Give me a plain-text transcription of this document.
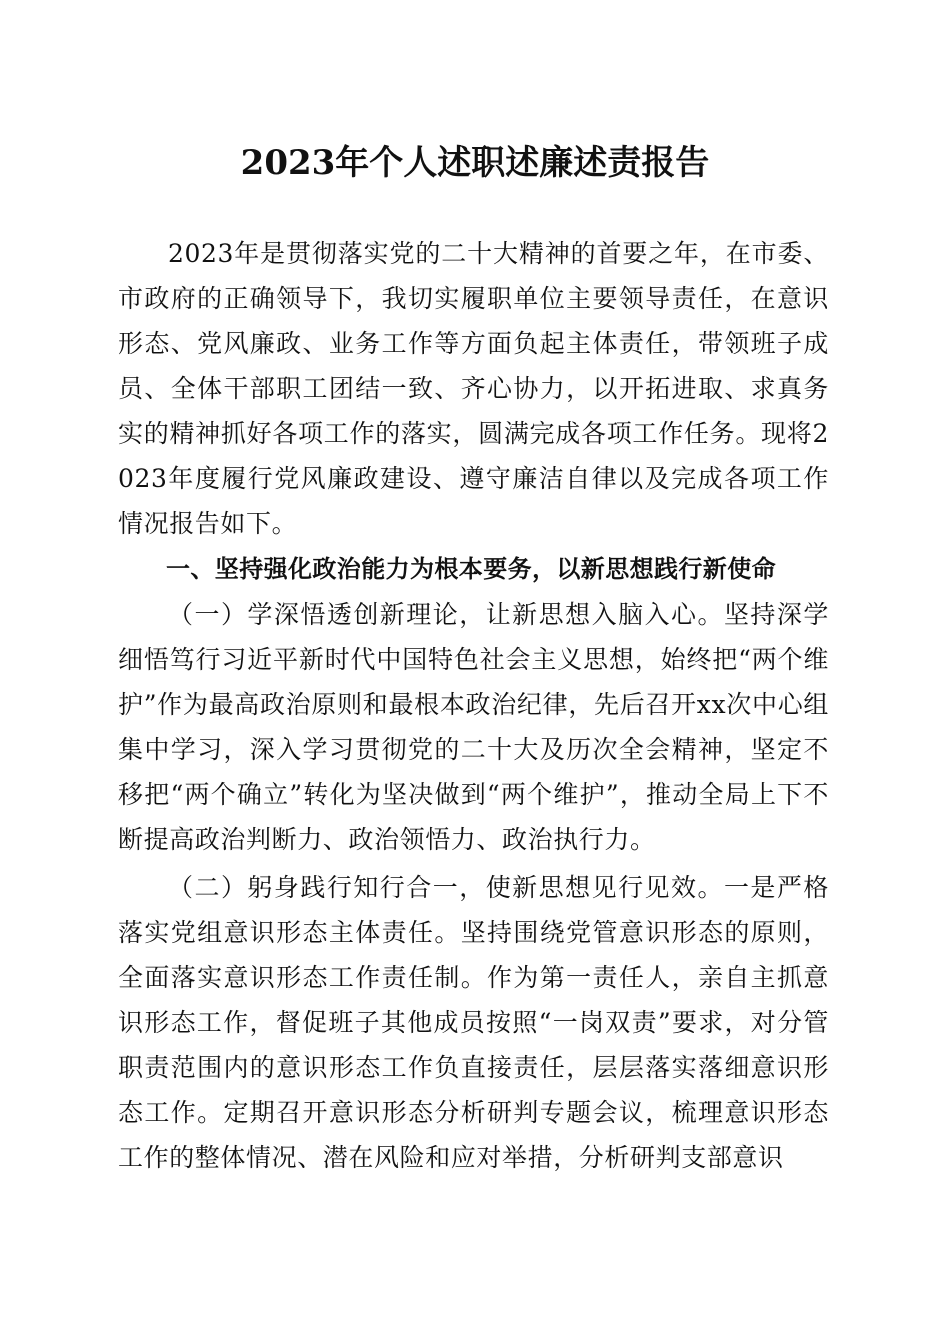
2023年个人述职述廉述责报告

2023年是贯彻落实党的二十大精神的首要之年，在市委、市政府的正确领导下，我切实履职单位主要领导责任，在意识形态、党风廉政、业务工作等方面负起主体责任，带领班子成员、全体干部职工团结一致、齐心协力，以开拓进取、求真务实的精神抓好各项工作的落实，圆满完成各项工作任务。现将2023年度履行党风廉政建设、遵守廉洁自律以及完成各项工作情况报告如下。

一、坚持强化政治能力为根本要务，以新思想践行新使命

（一）学深悟透创新理论，让新思想入脑入心。坚持深学细悟笃行习近平新时代中国特色社会主义思想，始终把“两个维护”作为最高政治原则和最根本政治纪律，先后召开xx次中心组集中学习，深入学习贯彻党的二十大及历次全会精神，坚定不移把“两个确立”转化为坚决做到“两个维护”，推动全局上下不断提高政治判断力、政治领悟力、政治执行力。

（二）躬身践行知行合一，使新思想见行见效。一是严格落实党组意识形态主体责任。坚持围绕党管意识形态的原则，全面落实意识形态工作责任制。作为第一责任人，亲自主抓意识形态工作，督促班子其他成员按照“一岗双责”要求，对分管职责范围内的意识形态工作负直接责任，层层落实落细意识形态工作。定期召开意识形态分析研判专题会议，梳理意识形态工作的整体情况、潜在风险和应对举措，分析研判支部意识
